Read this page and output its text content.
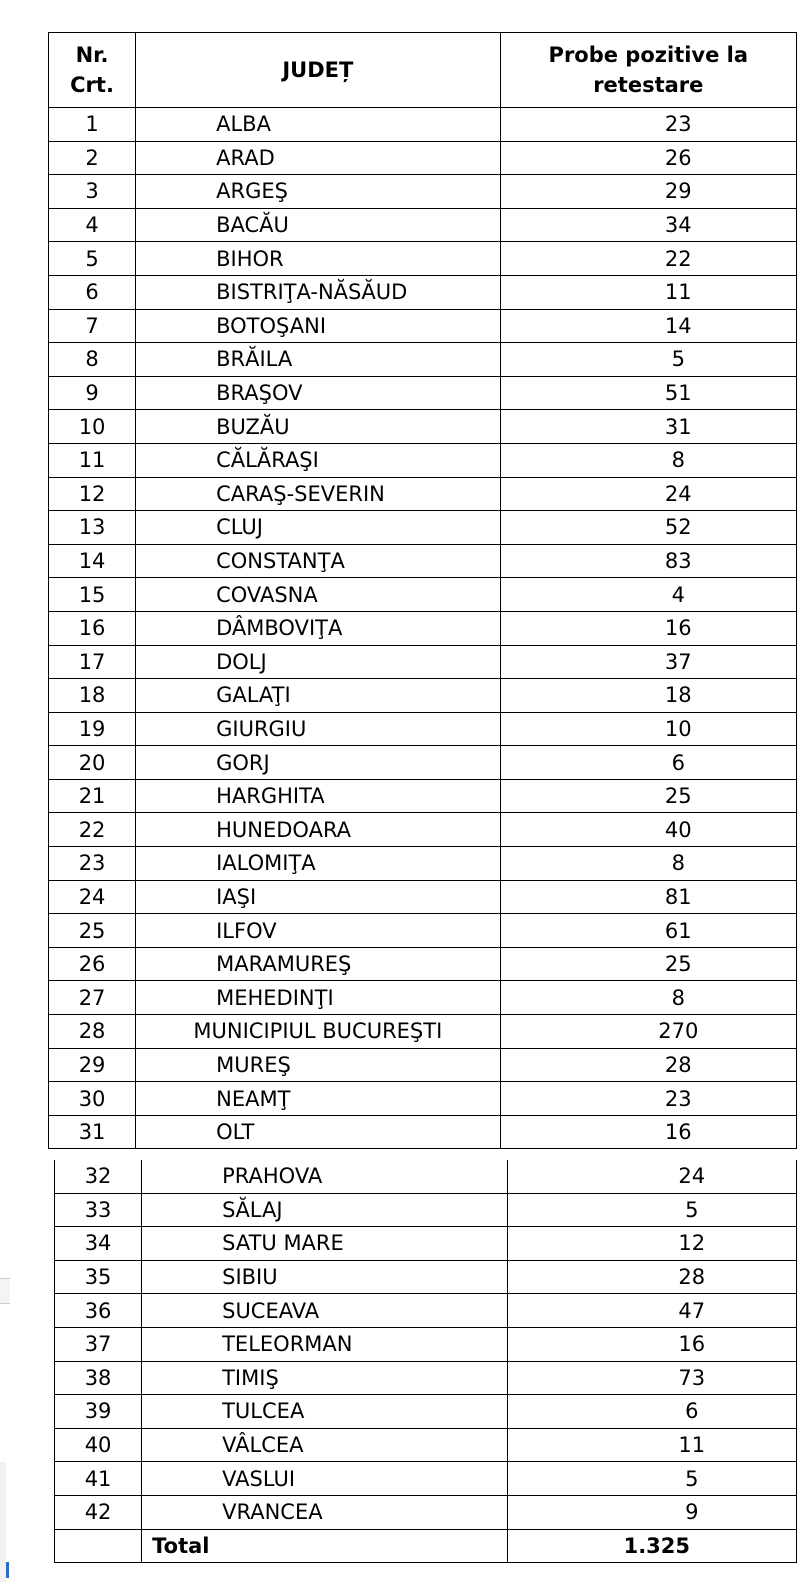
Nr. Crt.	JUDEȚ	Probe pozitive la retestare

1	ALBA	23
2	ARAD	26
3	ARGEŞ	29
4	BACĂU	34
5	BIHOR	22
6	BISTRIŢA-NĂSĂUD	11
7	BOTOŞANI	14
8	BRĂILA	5
9	BRAŞOV	51
10	BUZĂU	31
11	CĂLĂRAŞI	8
12	CARAŞ-SEVERIN	24
13	CLUJ	52
14	CONSTANŢA	83
15	COVASNA	4
16	DÂMBOVIŢA	16
17	DOLJ	37
18	GALAŢI	18
19	GIURGIU	10
20	GORJ	6
21	HARGHITA	25
22	HUNEDOARA	40
23	IALOMIŢA	8
24	IAŞI	81
25	ILFOV	61
26	MARAMUREŞ	25
27	MEHEDINŢI	8
28	MUNICIPIUL BUCUREŞTI	270
29	MUREŞ	28
30	NEAMŢ	23
31	OLT	16
32	PRAHOVA	24
33	SĂLAJ	5
34	SATU MARE	12
35	SIBIU	28
36	SUCEAVA	47
37	TELEORMAN	16
38	TIMIŞ	73
39	TULCEA	6
40	VÂLCEA	11
41	VASLUI	5
42	VRANCEA	9
	Total	1.325
